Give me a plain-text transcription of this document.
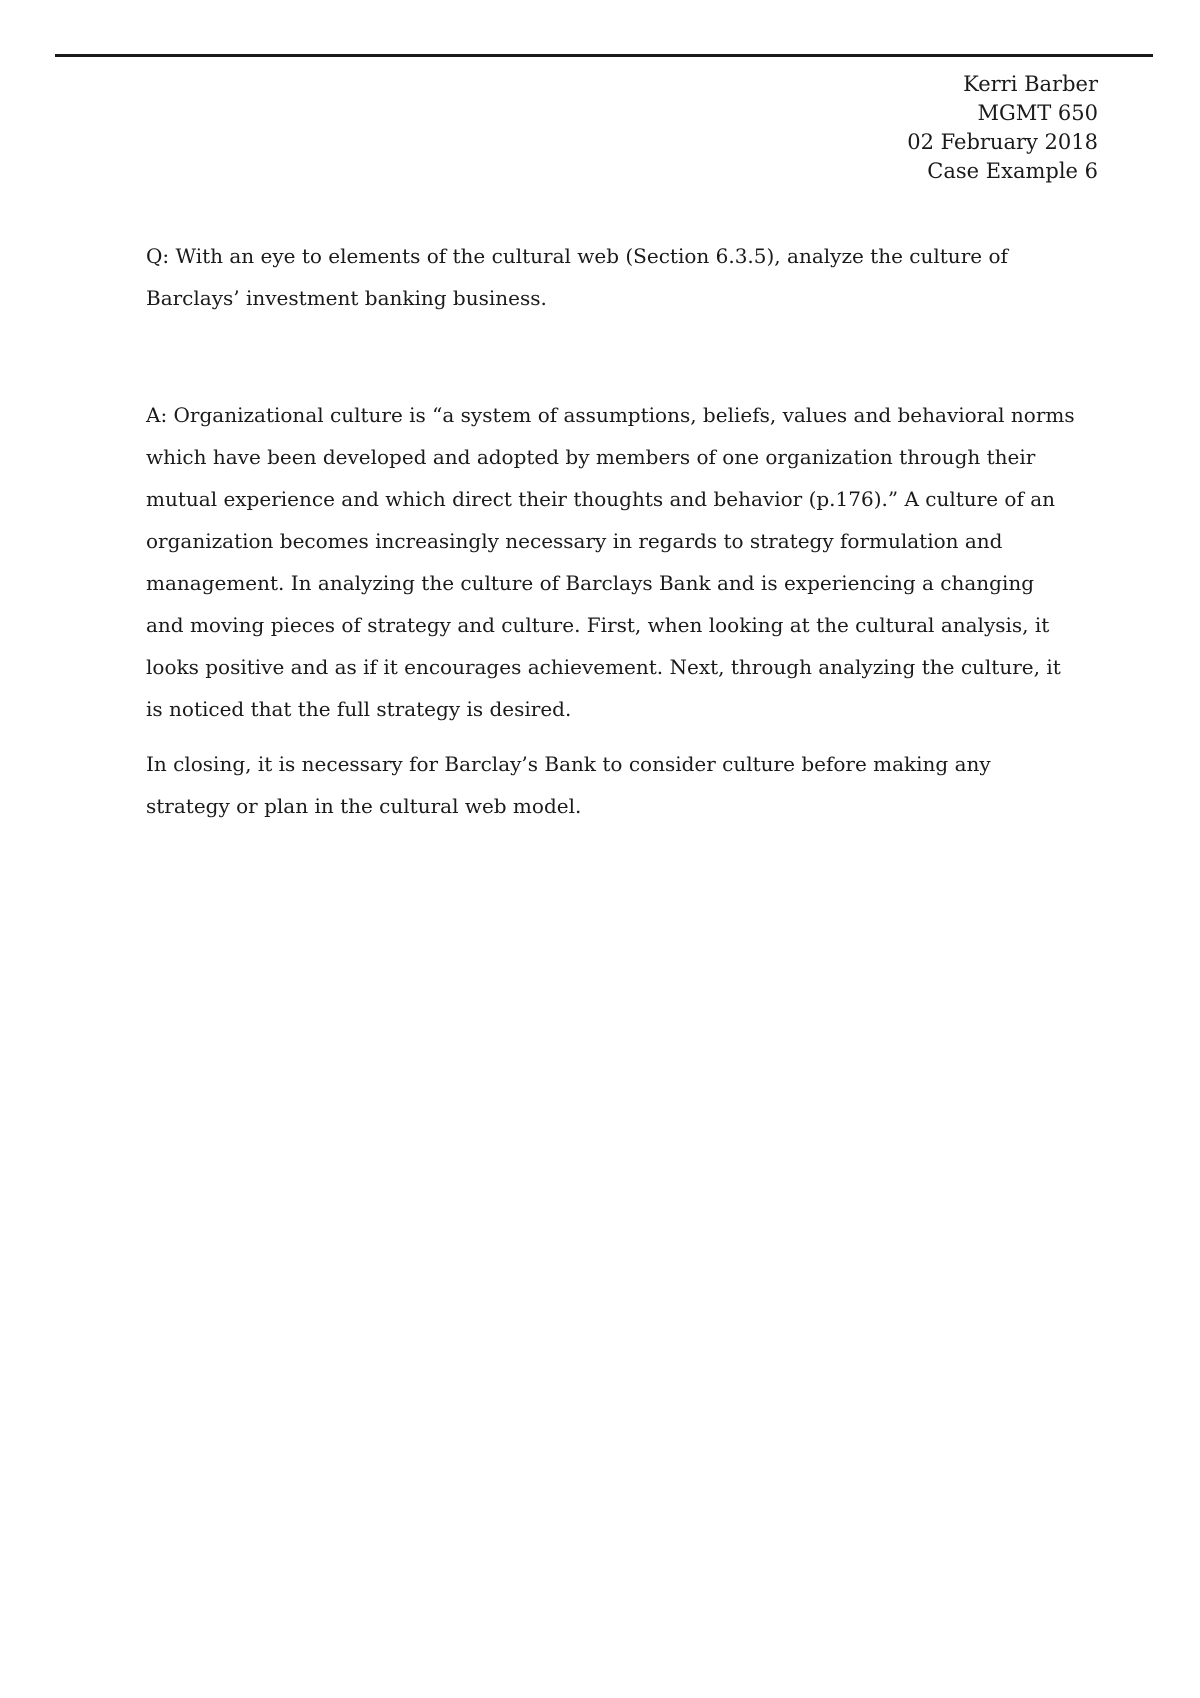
Kerri Barber
MGMT 650
02 February 2018
Case Example 6

Q: With an eye to elements of the cultural web (Section 6.3.5), analyze the culture of Barclays’ investment banking business.

A: Organizational culture is “a system of assumptions, beliefs, values and behavioral norms which have been developed and adopted by members of one organization through their mutual experience and which direct their thoughts and behavior (p.176).” A culture of an organization becomes increasingly necessary in regards to strategy formulation and management. In analyzing the culture of Barclays Bank and is experiencing a changing and moving pieces of strategy and culture. First, when looking at the cultural analysis, it looks positive and as if it encourages achievement. Next, through analyzing the culture, it is noticed that the full strategy is desired.

In closing, it is necessary for Barclay’s Bank to consider culture before making any strategy or plan in the cultural web model.
